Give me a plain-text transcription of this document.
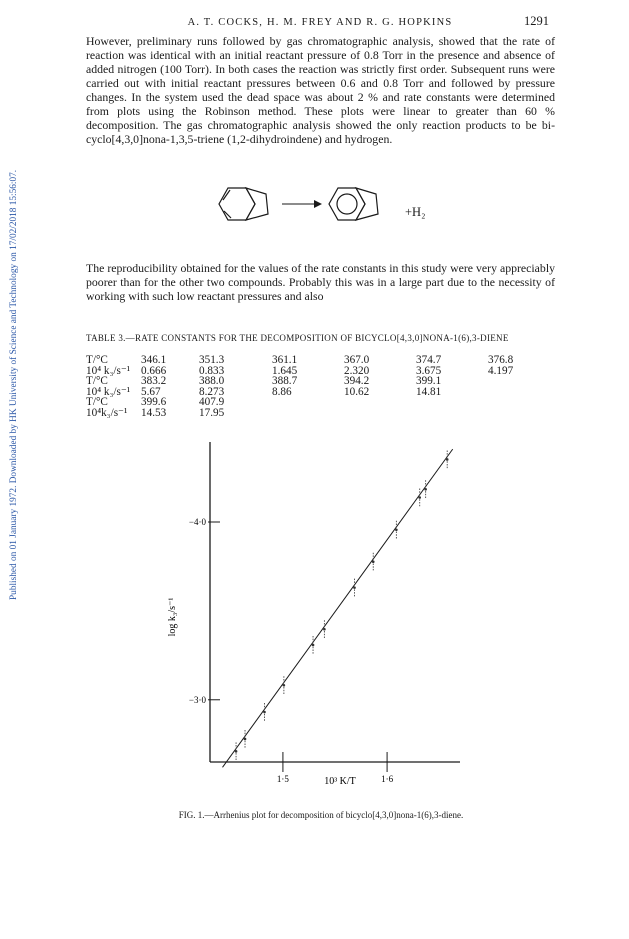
Published on 01 January 1972. Downloaded by HK University of Science and Technology on 17/02/2018 15:56:07.
A. T. COCKS, H. M. FREY AND R. G. HOPKINS	1291

However, preliminary runs followed by gas chromatographic analysis, showed that the rate of reaction was identical with an initial reactant pressure of 0.8 Torr in the presence and absence of added nitrogen (100 Torr). In both cases the reaction was strictly first order. Subsequent runs were carried out with initial reactant pressures between 0.6 and 0.8 Torr and followed by pressure changes. In the system used the dead space was about 2 % and rate constants were determined from plots using the Robinson method. These plots were linear to greater than 60 % decomposition. The gas chromatographic analysis showed the only reaction products to be bi-cyclo[4,3,0]nona-1,3,5-triene (1,2-dihydroindene) and hydrogen.

+H₂

The reproducibility obtained for the values of the rate constants in this study were very appreciably poorer than for the other two compounds. Probably this was in a large part due to the necessity of working with such low reactant pressures and also

TABLE 3.—RATE CONSTANTS FOR THE DECOMPOSITION OF BICYCLO[4,3,0]NONA-1(6),3-DIENE
T/°C	346.1	351.3	361.1	367.0	374.7	376.8
10⁴ k₃/s⁻¹	0.666	0.833	1.645	2.320	3.675	4.197
T/°C	383.2	388.0	388.7	394.2	399.1	
10⁴ k₃/s⁻¹	5.67	8.273	8.86	10.62	14.81	
T/°C	399.6	407.9				
10⁴k₃/s⁻¹	14.53	17.95				
1·5	1·6
−3·0
−4·0
10³ K/T
log k₃/s⁻¹
FIG. 1.—Arrhenius plot for decomposition of bicyclo[4,3,0]nona-1(6),3-diene.
